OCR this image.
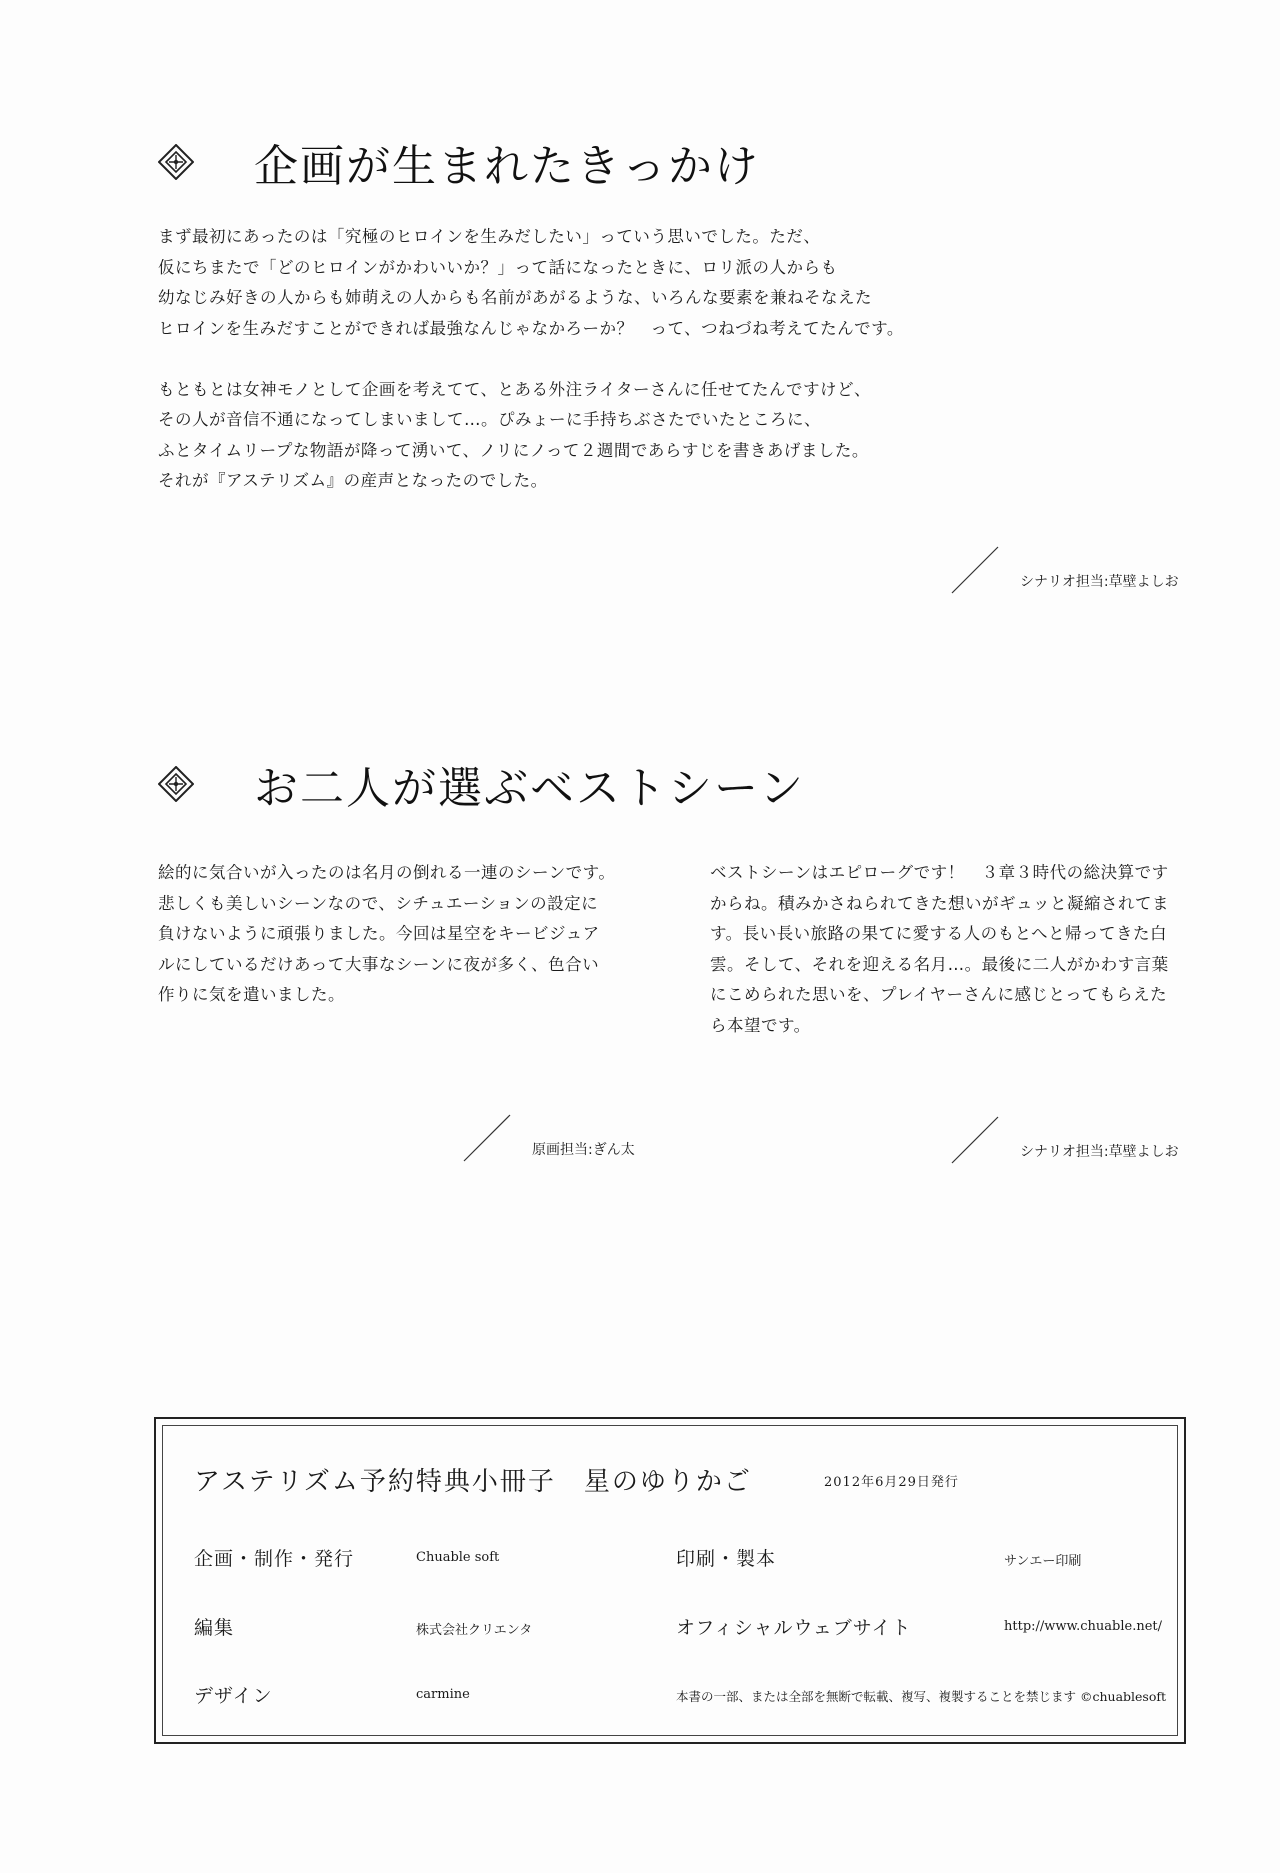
企画が生まれたきっかけ

まず最初にあったのは「究極のヒロインを生みだしたい」っていう思いでした。ただ、

仮にちまたで「どのヒロインがかわいいか？」って話になったときに、ロリ派の人からも

幼なじみ好きの人からも姉萌えの人からも名前があがるような、いろんな要素を兼ねそなえた

ヒロインを生みだすことができれば最強なんじゃなかろーか？　って、つねづね考えてたんです。

もともとは女神モノとして企画を考えてて、とある外注ライターさんに任せてたんですけど、

その人が音信不通になってしまいまして…。ぴみょーに手持ちぶさたでいたところに、

ふとタイムリープな物語が降って湧いて、ノリにノって２週間であらすじを書きあげました。

それが『アステリズム』の産声となったのでした。

シナリオ担当:草壁よしお
お二人が選ぶベストシーン

絵的に気合いが入ったのは名月の倒れる一連のシーンです。

悲しくも美しいシーンなので、シチュエーションの設定に

負けないように頑張りました。今回は星空をキービジュア

ルにしているだけあって大事なシーンに夜が多く、色合い

作りに気を遣いました。

ベストシーンはエピローグです！　３章３時代の総決算です

からね。積みかさねられてきた想いがギュッと凝縮されてま

す。長い長い旅路の果てに愛する人のもとへと帰ってきた白

雲。そして、それを迎える名月…。最後に二人がかわす言葉

にこめられた思いを、プレイヤーさんに感じとってもらえた

ら本望です。

原画担当:ぎん太	シナリオ担当:草壁よしお
アステリズム予約特典小冊子　星のゆりかご	2012年6月29日発行
企画・制作・発行	Chuable soft	印刷・製本	サンエー印刷
編集	株式会社クリエンタ	オフィシャルウェブサイト	http://www.chuable.net/
デザイン	carmine	本書の一部、または全部を無断で転載、複写、複製することを禁じます ©chuablesoft
